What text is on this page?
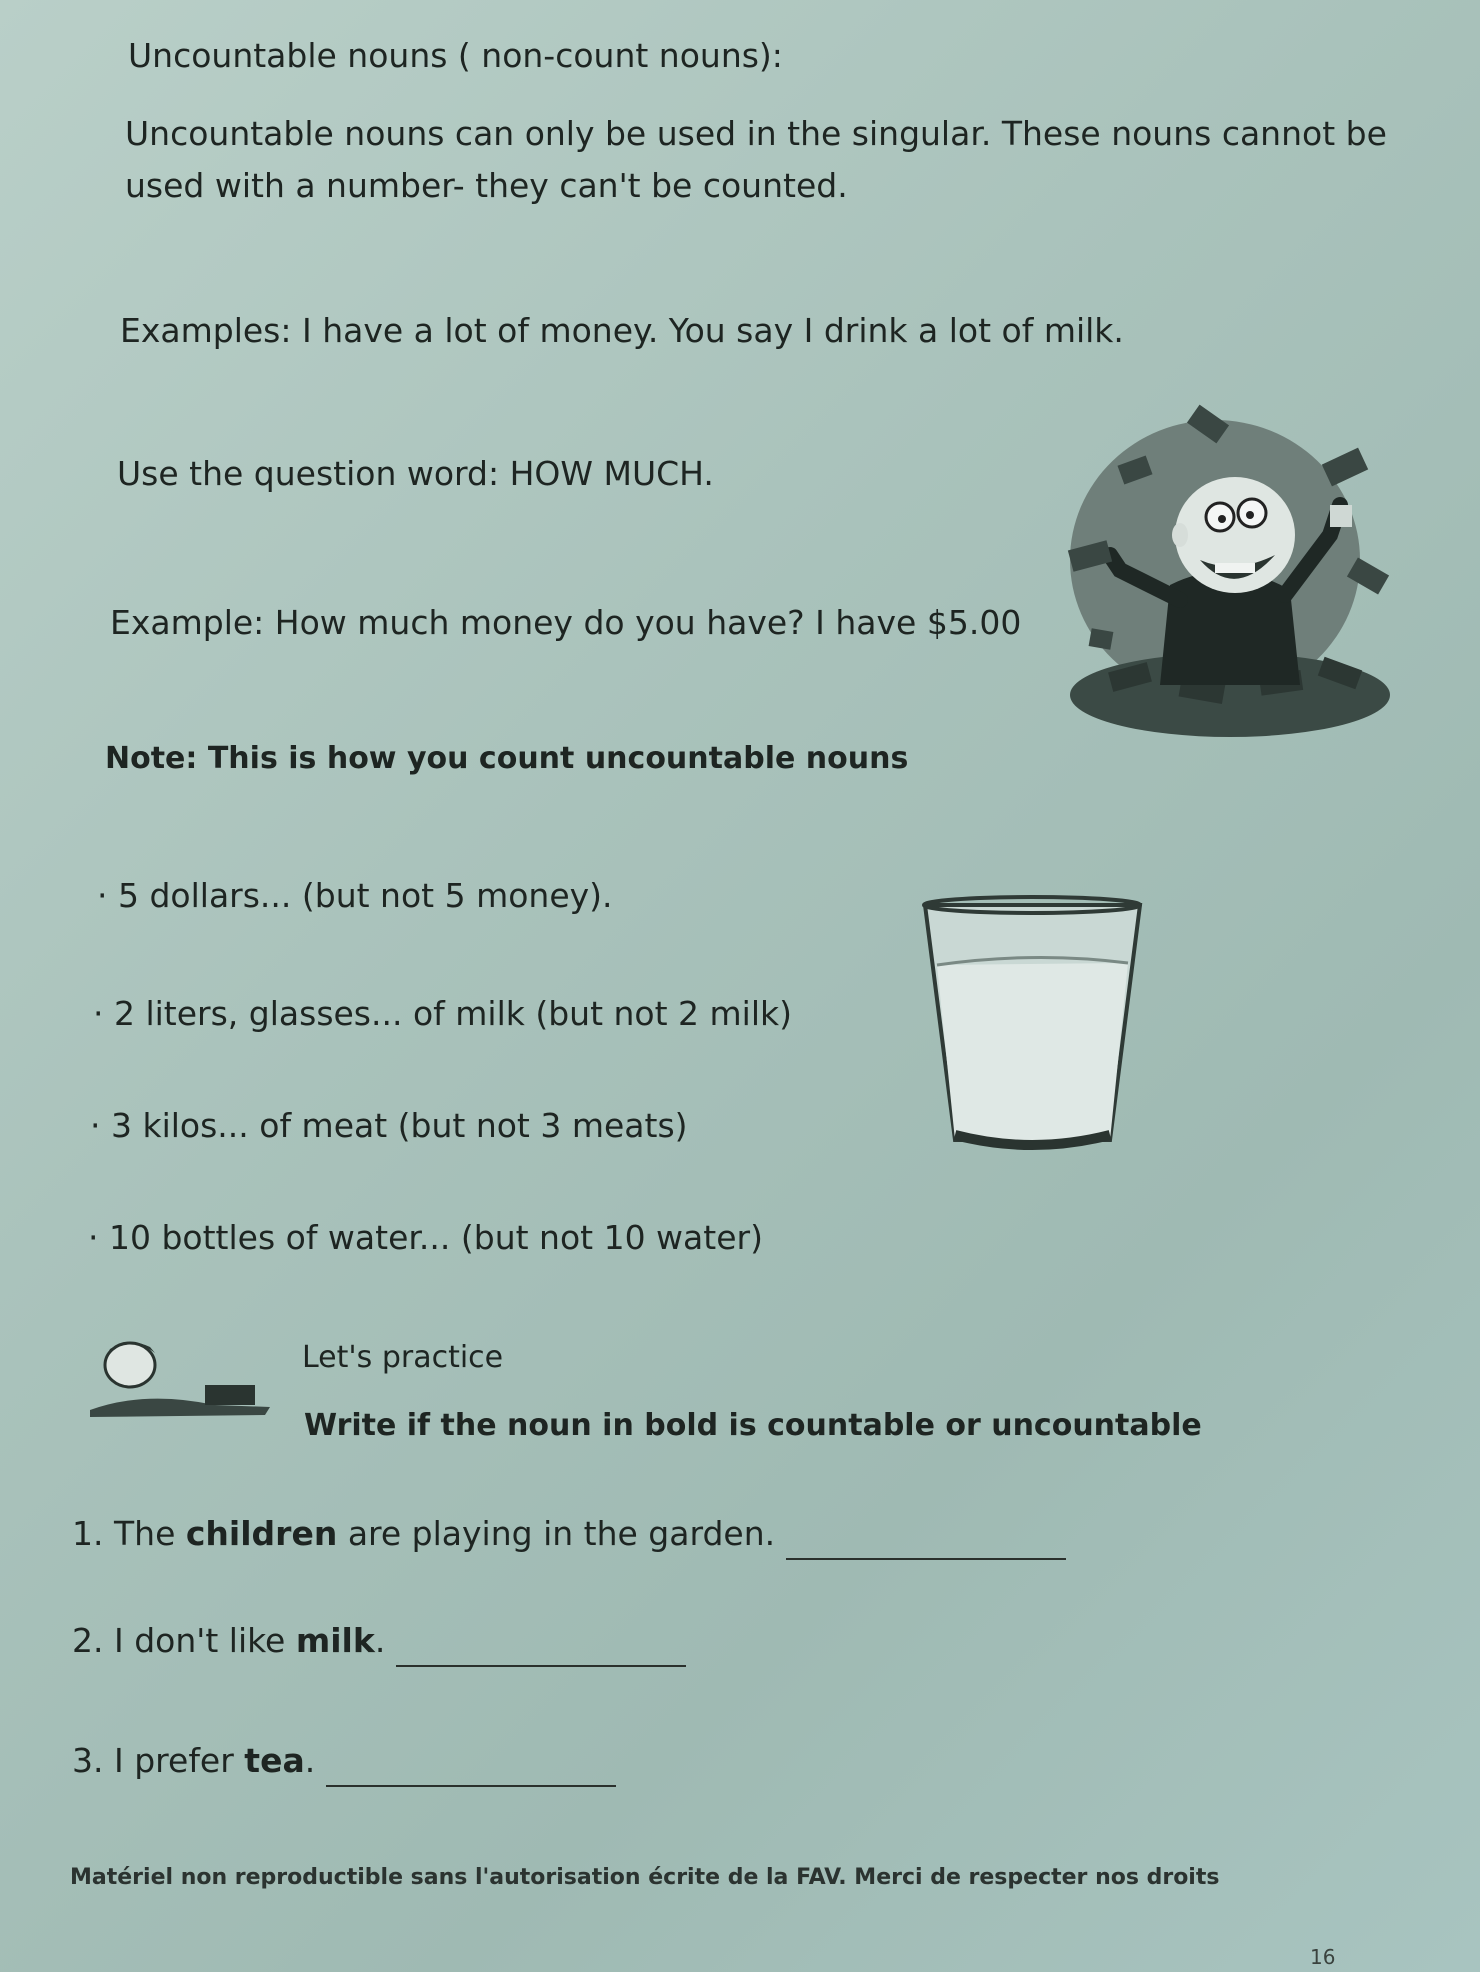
Uncountable nouns ( non-count nouns):
Uncountable nouns can only be used in the singular. These nouns cannot be
used with a number- they can't be counted.
Examples: I have a lot of money. You say I drink a lot of milk.
Use the question word: HOW MUCH.
Example: How much money do you have? I have $5.00
Note: This is how you count uncountable nouns
· 5 dollars... (but not 5 money).
· 2 liters, glasses... of milk (but not 2 milk)
· 3 kilos... of meat (but not 3 meats)
· 10 bottles of water... (but not 10 water)
Let's practice
Write if the noun in bold is countable or uncountable
1. The children are playing in the garden.
2. I don't like milk.
3. I prefer tea.
Matériel non reproductible sans l'autorisation écrite de la FAV. Merci de respecter nos droits
16
